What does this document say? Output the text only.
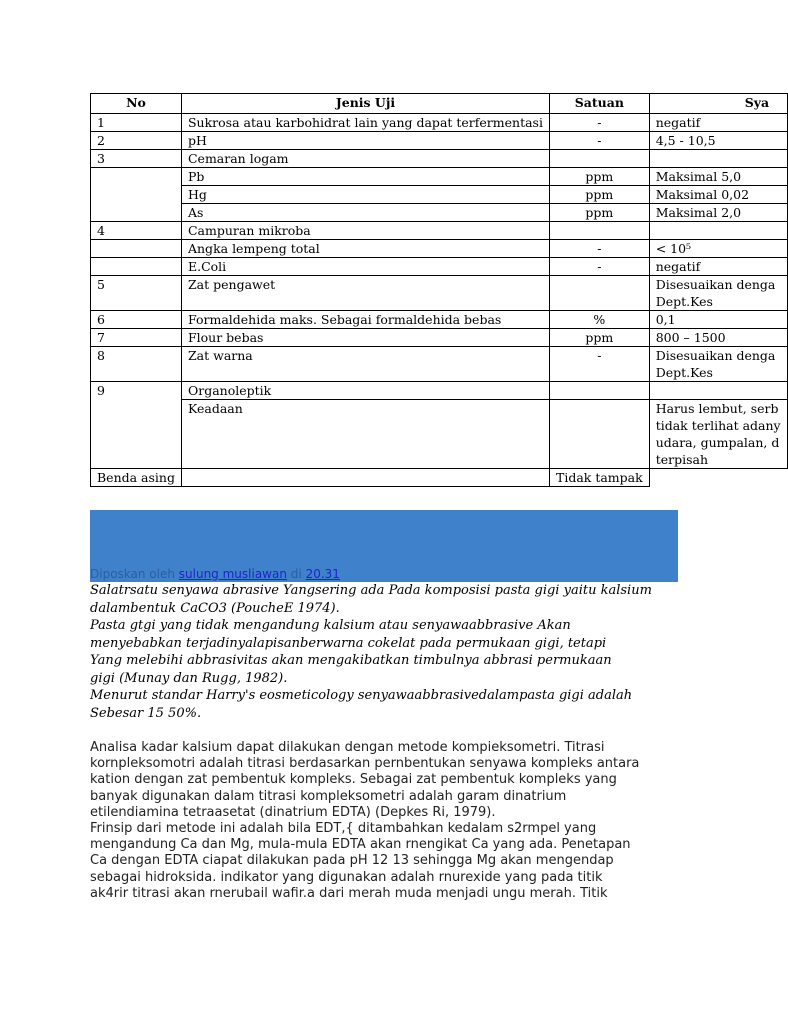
No	Jenis Uji	Satuan	Sya
1	Sukrosa atau karbohidrat lain yang dapat terfermentasi	-	negatif

2	pH	-	4,5 - 10,5

3	Cemaran logam		

	Pb	ppm	Maksimal 5,0

	Hg	ppm	Maksimal 0,02

	As	ppm	Maksimal 2,0

4	Campuran mikroba		

	Angka lempeng total	-	< 10⁵

	E.Coli	-	negatif

5	Zat pengawet		Disesuaikan denga
Dept.Kes

6	Formaldehida maks. Sebagai formaldehida bebas	%	0,1

7	Flour bebas	ppm	800 – 1500

8	Zat warna	-	Disesuaikan denga
Dept.Kes

9	Organoleptik		

	Keadaan		Harus lembut, serb
tidak terlihat adany
udara, gumpalan, d
terpisah

Benda asing		Tidak tampak	
Diposkan oleh sulung musliawan di 20.31

Salatrsatu senyawa abrasive Yangsering ada Pada komposisi pasta gigi yaitu kalsium

dalambentuk CaCO3 (PoucheE 1974).

Pasta gtgi yang tidak mengandung kalsium atau senyawaabbrasive Akan

menyebabkan terjadinyalapisanberwarna cokelat pada permukaan gigi, tetapi

Yang melebihi abbrasivitas akan mengakibatkan timbulnya abbrasi permukaan

gigi (Munay dan Rugg, 1982).

Menurut standar Harry's eosmeticology senyawaabbrasivedalampasta gigi adalah

Sebesar 15 50%.

Analisa kadar kalsium dapat dilakukan dengan metode kompieksometri. Titrasi

kornpleksomotri adalah titrasi berdasarkan pernbentukan senyawa kompleks antara

kation dengan zat pembentuk kompleks. Sebagai zat pembentuk kompleks yang

banyak digunakan dalam titrasi kompleksometri adalah garam dinatrium

etilendiamina tetraasetat (dinatrium EDTA) (Depkes Ri, 1979).

Frinsip dari metode ini adalah bila EDT,{ ditambahkan kedalam s2rmpel yang

mengandung Ca dan Mg, mula-mula EDTA akan rnengikat Ca yang ada. Penetapan

Ca dengan EDTA ciapat dilakukan pada pH 12 13 sehingga Mg akan mengendap

sebagai hidroksida. indikator yang digunakan adalah rnurexide yang pada titik

ak4rir titrasi akan rnerubail wafir.a dari merah muda menjadi ungu merah. Titik
